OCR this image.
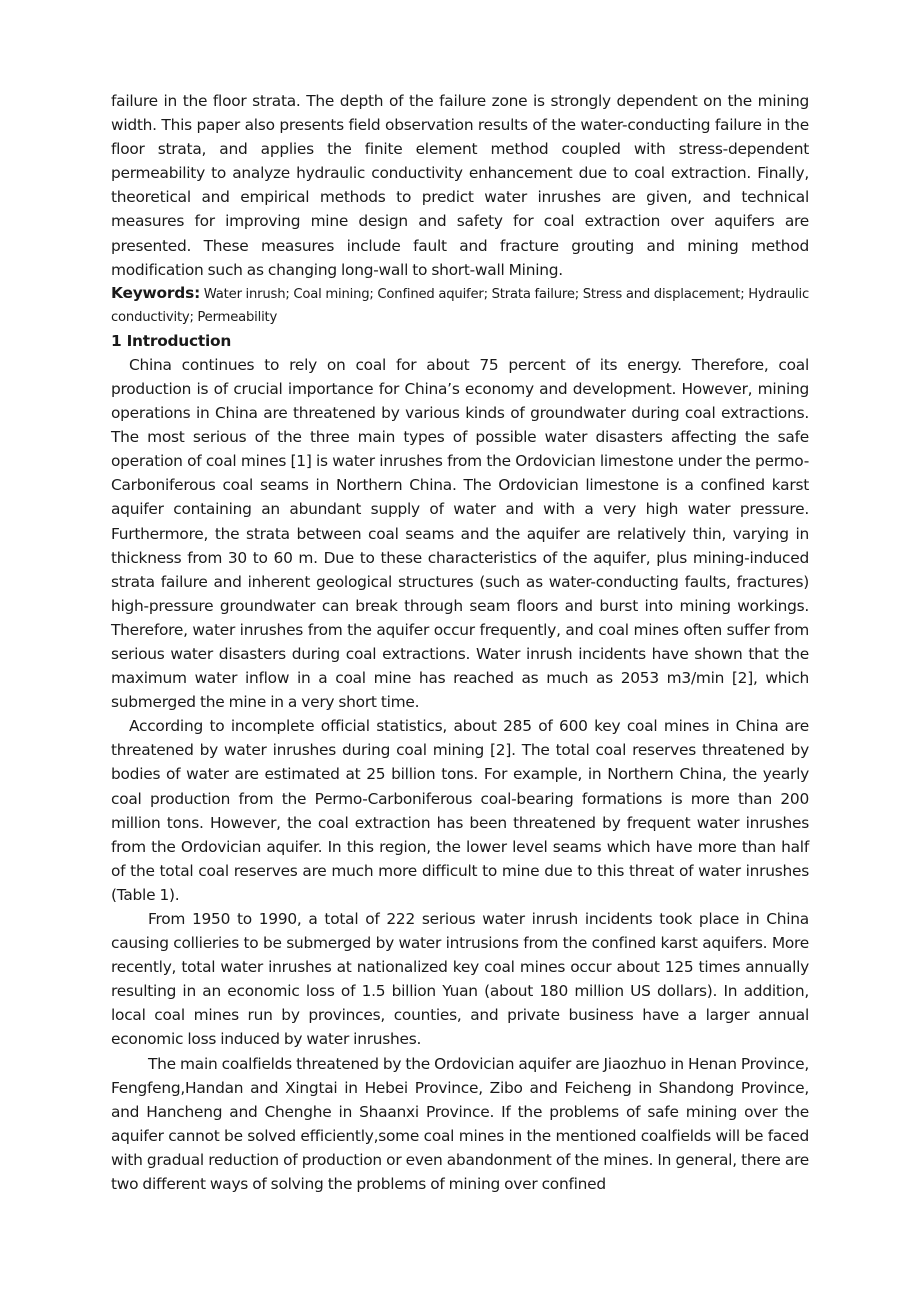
failure in the floor strata. The depth of the failure zone is strongly dependent on the mining width. This paper also presents field observation results of the water-conducting failure in the floor strata, and applies the finite element method coupled with stress-dependent permeability to analyze hydraulic conductivity enhancement due to coal extraction. Finally, theoretical and empirical methods to predict water inrushes are given, and technical measures for improving mine design and safety for coal extraction over aquifers are presented. These measures include fault and fracture grouting and mining method modification such as changing long-wall to short-wall Mining.

Keywords: Water inrush; Coal mining; Confined aquifer; Strata failure; Stress and displacement; Hydraulic conductivity; Permeability

1 Introduction

China continues to rely on coal for about 75 percent of its energy. Therefore, coal production is of crucial importance for China’s economy and development. However, mining operations in China are threatened by various kinds of groundwater during coal extractions. The most serious of the three main types of possible water disasters affecting the safe operation of coal mines [1] is water inrushes from the Ordovician limestone under the permo-Carboniferous coal seams in Northern China. The Ordovician limestone is a confined karst aquifer containing an abundant supply of water and with a very high water pressure. Furthermore, the strata between coal seams and the aquifer are relatively thin, varying in thickness from 30 to 60 m. Due to these characteristics of the aquifer, plus mining-induced strata failure and inherent geological structures (such as water-conducting faults, fractures) high-pressure groundwater can break through seam floors and burst into mining workings. Therefore, water inrushes from the aquifer occur frequently, and coal mines often suffer from serious water disasters during coal extractions. Water inrush incidents have shown that the maximum water inflow in a coal mine has reached as much as 2053 m3/min [2], which submerged the mine in a very short time.

According to incomplete official statistics, about 285 of 600 key coal mines in China are threatened by water inrushes during coal mining [2]. The total coal reserves threatened by bodies of water are estimated at 25 billion tons. For example, in Northern China, the yearly coal production from the Permo-Carboniferous coal-bearing formations is more than 200 million tons. However, the coal extraction has been threatened by frequent water inrushes from the Ordovician aquifer. In this region, the lower level seams which have more than half of the total coal reserves are much more difficult to mine due to this threat of water inrushes (Table 1).

From 1950 to 1990, a total of 222 serious water inrush incidents took place in China causing collieries to be submerged by water intrusions from the confined karst aquifers. More recently, total water inrushes at nationalized key coal mines occur about 125 times annually resulting in an economic loss of 1.5 billion Yuan (about 180 million US dollars). In addition, local coal mines run by provinces, counties, and private business have a larger annual economic loss induced by water inrushes.

The main coalfields threatened by the Ordovician aquifer are Jiaozhuo in Henan Province, Fengfeng,Handan and Xingtai in Hebei Province, Zibo and Feicheng in Shandong Province, and Hancheng and Chenghe in Shaanxi Province. If the problems of safe mining over the aquifer cannot be solved efficiently,some coal mines in the mentioned coalfields will be faced with gradual reduction of production or even abandonment of the mines. In general, there are two different ways of solving the problems of mining over confined
